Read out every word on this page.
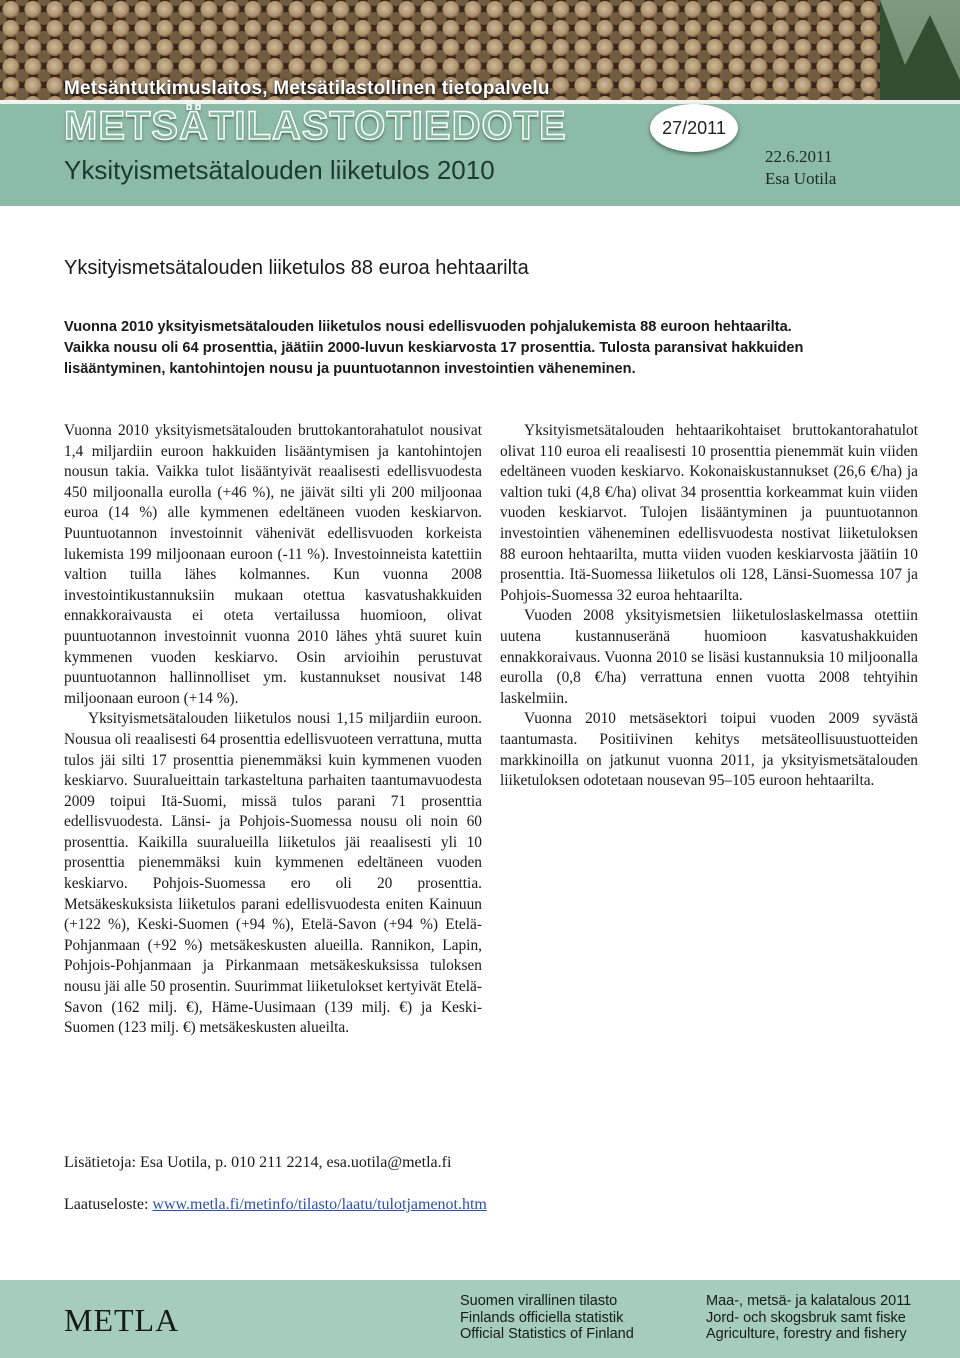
Metsäntutkimuslaitos, Metsätilastollinen tietopalvelu
METSÄTILASTOTIEDOTE	27/2011
Yksityismetsätalouden liiketulos 2010	22.6.2011
Esa Uotila
Yksityismetsätalouden liiketulos 88 euroa hehtaarilta
Vuonna 2010 yksityismetsätalouden liiketulos nousi edellisvuoden pohjalukemista 88 euroon hehtaarilta.
Vaikka nousu oli 64 prosenttia, jäätiin 2000-luvun keskiarvosta 17 prosenttia. Tulosta paransivat hakkuiden
lisääntyminen, kantohintojen nousu ja puuntuotannon investointien väheneminen.

Vuonna 2010 yksityismetsätalouden bruttokantorahatulot nousivat 1,4 miljardiin euroon hakkuiden lisääntymisen ja kantohintojen nousun takia. Vaikka tulot lisääntyivät reaalisesti edellisvuodesta 450 miljoonalla eurolla (+46 %), ne jäivät silti yli 200 miljoonaa euroa (14 %) alle kymmenen edeltäneen vuoden keskiarvon. Puuntuotannon investoinnit vähenivät edellisvuoden korkeista lukemista 199 miljoonaan euroon (-11 %). Investoinneista katettiin valtion tuilla lähes kolmannes. Kun vuonna 2008 investointikustannuksiin mukaan otettua kasvatushakkuiden ennakkoraivausta ei oteta vertailussa huomioon, olivat puuntuotannon investoinnit vuonna 2010 lähes yhtä suuret kuin kymmenen vuoden keskiarvo. Osin arvioihin perustuvat puuntuotannon hallinnolliset ym. kustannukset nousivat 148 miljoonaan euroon (+14 %).

Yksityismetsätalouden liiketulos nousi 1,15 miljardiin euroon. Nousua oli reaalisesti 64 prosenttia edellisvuoteen verrattuna, mutta tulos jäi silti 17 prosenttia pienemmäksi kuin kymmenen vuoden keskiarvo. Suuralueittain tarkasteltuna parhaiten taantumavuodesta 2009 toipui Itä-Suomi, missä tulos parani 71 prosenttia edellisvuodesta. Länsi- ja Pohjois-Suomessa nousu oli noin 60 prosenttia. Kaikilla suuralueilla liiketulos jäi reaalisesti yli 10 prosenttia pienemmäksi kuin kymmenen edeltäneen vuoden keskiarvo. Pohjois-Suomessa ero oli 20 prosenttia. Metsäkeskuksista liiketulos parani edellisvuodesta eniten Kainuun (+122 %), Keski-Suomen (+94 %), Etelä-Savon (+94 %) Etelä-Pohjanmaan (+92 %) metsäkeskusten alueilla. Rannikon, Lapin, Pohjois-Pohjanmaan ja Pirkanmaan metsäkeskuksissa tuloksen nousu jäi alle 50 prosentin. Suurimmat liiketulokset kertyivät Etelä-Savon (162 milj. €), Häme-Uusimaan (139 milj. €) ja Keski-Suomen (123 milj. €) metsäkeskusten alueilta.

Yksityismetsätalouden hehtaarikohtaiset bruttokantorahatulot olivat 110 euroa eli reaalisesti 10 prosenttia pienemmät kuin viiden edeltäneen vuoden keskiarvo. Kokonaiskustannukset (26,6 €/ha) ja valtion tuki (4,8 €/ha) olivat 34 prosenttia korkeammat kuin viiden vuoden keskiarvot. Tulojen lisääntyminen ja puuntuotannon investointien väheneminen edellisvuodesta nostivat liiketuloksen 88 euroon hehtaarilta, mutta viiden vuoden keskiarvosta jäätiin 10 prosenttia. Itä-Suomessa liiketulos oli 128, Länsi-Suomessa 107 ja Pohjois-Suomessa 32 euroa hehtaarilta.

Vuoden 2008 yksityismetsien liiketuloslaskelmassa otettiin uutena kustannuseränä huomioon kasvatushakkuiden ennakkoraivaus. Vuonna 2010 se lisäsi kustannuksia 10 miljoonalla eurolla (0,8 €/ha) verrattuna ennen vuotta 2008 tehtyihin laskelmiin.

Vuonna 2010 metsäsektori toipui vuoden 2009 syvästä taantumasta. Positiivinen kehitys metsäteollisuustuotteiden markkinoilla on jatkunut vuonna 2011, ja yksityismetsätalouden liiketuloksen odotetaan nousevan 95–105 euroon hehtaarilta.

Lisätietoja: Esa Uotila, p. 010 211 2214, esa.uotila@metla.fi
Laatuseloste: www.metla.fi/metinfo/tilasto/laatu/tulotjamenot.htm
METLA
Suomen virallinen tilasto
Finlands officiella statistik
Official Statistics of Finland
Maa-, metsä- ja kalatalous 2011
Jord- och skogsbruk samt fiske
Agriculture, forestry and fishery
